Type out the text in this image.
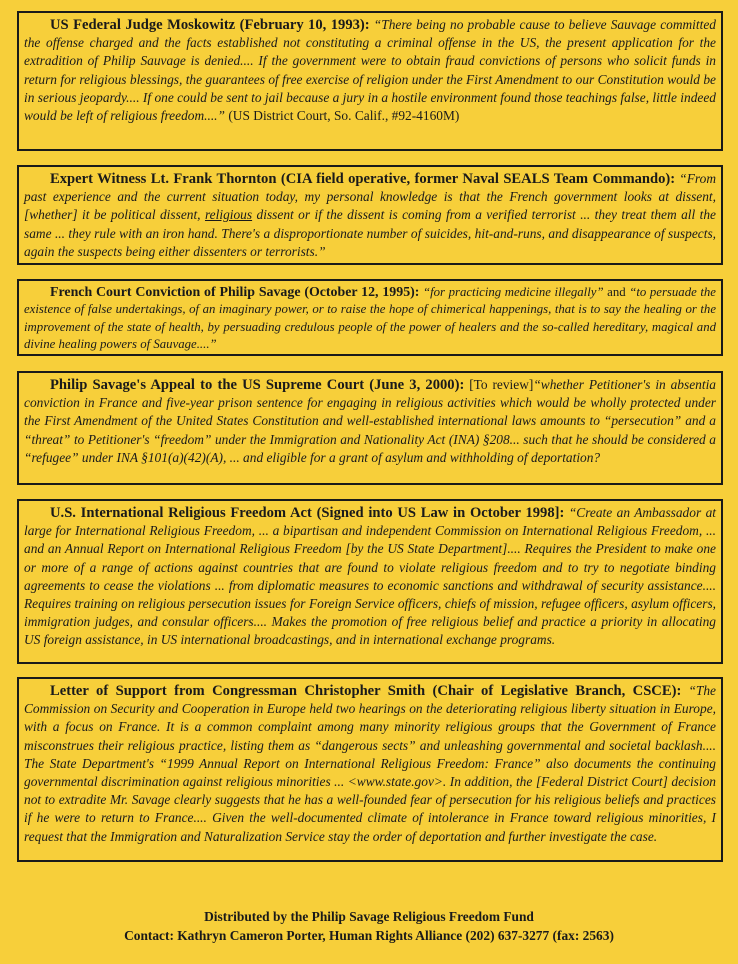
US Federal Judge Moskowitz (February 10, 1993): “There being no probable cause to believe Sauvage committed the offense charged and the facts established not constituting a criminal offense in the US, the present application for the extradition of Philip Sauvage is denied.... If the government were to obtain fraud convictions of persons who solicit funds in return for religious blessings, the guarantees of free exercise of religion under the First Amendment to our Constitution would be in serious jeopardy.... If one could be sent to jail because a jury in a hostile environment found those teachings false, little indeed would be left of religious freedom....” (US District Court, So. Calif., #92-4160M)

Expert Witness Lt. Frank Thornton (CIA field operative, former Naval SEALS Team Commando): “From past experience and the current situation today, my personal knowledge is that the French government looks at dissent, [whether] it be political dissent, religious dissent or if the dissent is coming from a verified terrorist ... they treat them all the same ... they rule with an iron hand. There's a disproportionate number of suicides, hit-and-runs, and disappearance of suspects, again the suspects being either dissenters or terrorists.”

French Court Conviction of Philip Savage (October 12, 1995): “for practicing medicine illegally” and “to persuade the existence of false undertakings, of an imaginary power, or to raise the hope of chimerical happenings, that is to say the healing or the improvement of the state of health, by persuading credulous people of the power of healers and the so-called hereditary, magical and divine healing powers of Sauvage....”

Philip Savage's Appeal to the US Supreme Court (June 3, 2000): [To review]“whether Petitioner's in absentia conviction in France and five-year prison sentence for engaging in religious activities which would be wholly protected under the First Amendment of the United States Constitution and well-established international laws amounts to “persecution” and a “threat” to Petitioner's “freedom” under the Immigration and Nationality Act (INA) §208... such that he should be considered a “refugee” under INA §101(a)(42)(A), ... and eligible for a grant of asylum and withholding of deportation?

U.S. International Religious Freedom Act (Signed into US Law in October 1998]: “Create an Ambassador at large for International Religious Freedom, ... a bipartisan and independent Commission on International Religious Freedom, ... and an Annual Report on International Religious Freedom [by the US State Department].... Requires the President to make one or more of a range of actions against countries that are found to violate religious freedom and to try to negotiate binding agreements to cease the violations ... from diplomatic measures to economic sanctions and withdrawal of security assistance.... Requires training on religious persecution issues for Foreign Service officers, chiefs of mission, refugee officers, asylum officers, immigration judges, and consular officers.... Makes the promotion of free religious belief and practice a priority in allocating US foreign assistance, in US international broadcastings, and in international exchange programs.

Letter of Support from Congressman Christopher Smith (Chair of Legislative Branch, CSCE): “The Commission on Security and Cooperation in Europe held two hearings on the deteriorating religious liberty situation in Europe, with a focus on France. It is a common complaint among many minority religious groups that the Government of France misconstrues their religious practice, listing them as “dangerous sects” and unleashing governmental and societal backlash.... The State Department's “1999 Annual Report on International Religious Freedom: France” also documents the continuing governmental discrimination against religious minorities ... <www.state.gov>. In addition, the [Federal District Court] decision not to extradite Mr. Savage clearly suggests that he has a well-founded fear of persecution for his religious beliefs and practices if he were to return to France.... Given the well-documented climate of intolerance in France toward religious minorities, I request that the Immigration and Naturalization Service stay the order of deportation and further investigate the case.

Distributed by the Philip Savage Religious Freedom Fund
Contact: Kathryn Cameron Porter, Human Rights Alliance (202) 637-3277 (fax: 2563)
